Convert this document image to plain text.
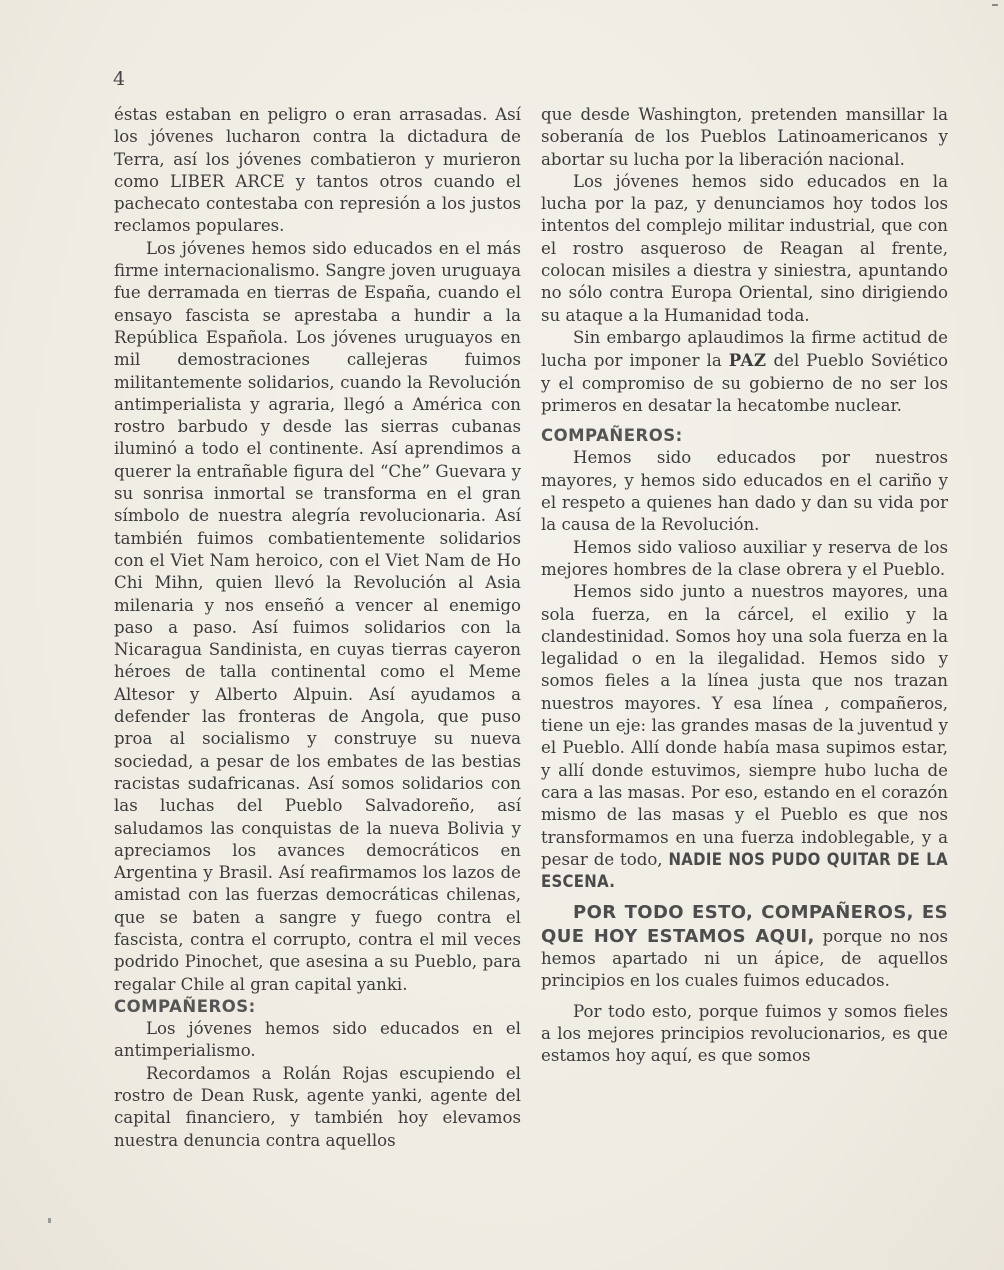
4

éstas estaban en peligro o eran arrasadas. Así los jóvenes lucharon contra la dictadura de Terra, así los jóvenes combatieron y murieron como LIBER ARCE y tantos otros cuando el pachecato contestaba con represión a los justos reclamos populares.

Los jóvenes hemos sido educados en el más firme internacionalismo. Sangre joven uruguaya fue derramada en tierras de España, cuando el ensayo fascista se aprestaba a hundir a la República Española. Los jóvenes uruguayos en mil demostraciones callejeras fuimos militantemente solidarios, cuando la Revolución antimperialista y agraria, llegó a América con rostro barbudo y desde las sierras cubanas iluminó a todo el continente. Así aprendimos a querer la entrañable figura del “Che” Guevara y su sonrisa inmortal se transforma en el gran símbolo de nuestra alegría revolucionaria. Así también fuimos combatientemente solidarios con el Viet Nam heroico, con el Viet Nam de Ho Chi Mihn, quien llevó la Revolución al Asia milenaria y nos enseñó a vencer al enemigo paso a paso. Así fuimos solidarios con la Nicaragua Sandinista, en cuyas tierras cayeron héroes de talla continental como el Meme Altesor y Alberto Alpuin. Así ayudamos a defender las fronteras de Angola, que puso proa al socialismo y construye su nueva sociedad, a pesar de los embates de las bestias racistas sudafricanas. Así somos solidarios con las luchas del Pueblo Salvadoreño, así saludamos las conquistas de la nueva Bolivia y apreciamos los avances democráticos en Argentina y Brasil. Así reafirmamos los lazos de amistad con las fuerzas democráticas chilenas, que se baten a sangre y fuego contra el fascista, contra el corrupto, contra el mil veces podrido Pinochet, que asesina a su Pueblo, para regalar Chile al gran capital yanki.

COMPAÑEROS:

Los jóvenes hemos sido educados en el antimperialismo.

Recordamos a Rolán Rojas escupiendo el rostro de Dean Rusk, agente yanki, agente del capital financiero, y también hoy elevamos nuestra denuncia contra aquellos

que desde Washington, pretenden mansillar la soberanía de los Pueblos Latinoamericanos y abortar su lucha por la liberación nacional.

Los jóvenes hemos sido educados en la lucha por la paz, y denunciamos hoy todos los intentos del complejo militar industrial, que con el rostro asqueroso de Reagan al frente, colocan misiles a diestra y siniestra, apuntando no sólo contra Europa Oriental, sino dirigiendo su ataque a la Humanidad toda.

Sin embargo aplaudimos la firme actitud de lucha por imponer la PAZ del Pueblo Soviético y el compromiso de su gobierno de no ser los primeros en desatar la hecatombe nuclear.

COMPAÑEROS:

Hemos sido educados por nuestros mayores, y hemos sido educados en el cariño y el respeto a quienes han dado y dan su vida por la causa de la Revolución.

Hemos sido valioso auxiliar y reserva de los mejores hombres de la clase obrera y el Pueblo.

Hemos sido junto a nuestros mayores, una sola fuerza, en la cárcel, el exilio y la clandestinidad. Somos hoy una sola fuerza en la legalidad o en la ilegalidad. Hemos sido y somos fieles a la línea justa que nos trazan nuestros mayores. Y esa línea , compañeros, tiene un eje: las grandes masas de la juventud y el Pueblo. Allí donde había masa supimos estar, y allí donde estuvimos, siempre hubo lucha de cara a las masas. Por eso, estando en el corazón mismo de las masas y el Pueblo es que nos transformamos en una fuerza indoblegable, y a pesar de todo, NADIE NOS PUDO QUITAR DE LA ESCENA.

POR TODO ESTO, COMPAÑEROS, ES QUE HOY ESTAMOS AQUI, porque no nos hemos apartado ni un ápice, de aquellos principios en los cuales fuimos educados.

Por todo esto, porque fuimos y somos fieles a los mejores principios revolucionarios, es que estamos hoy aquí, es que somos
